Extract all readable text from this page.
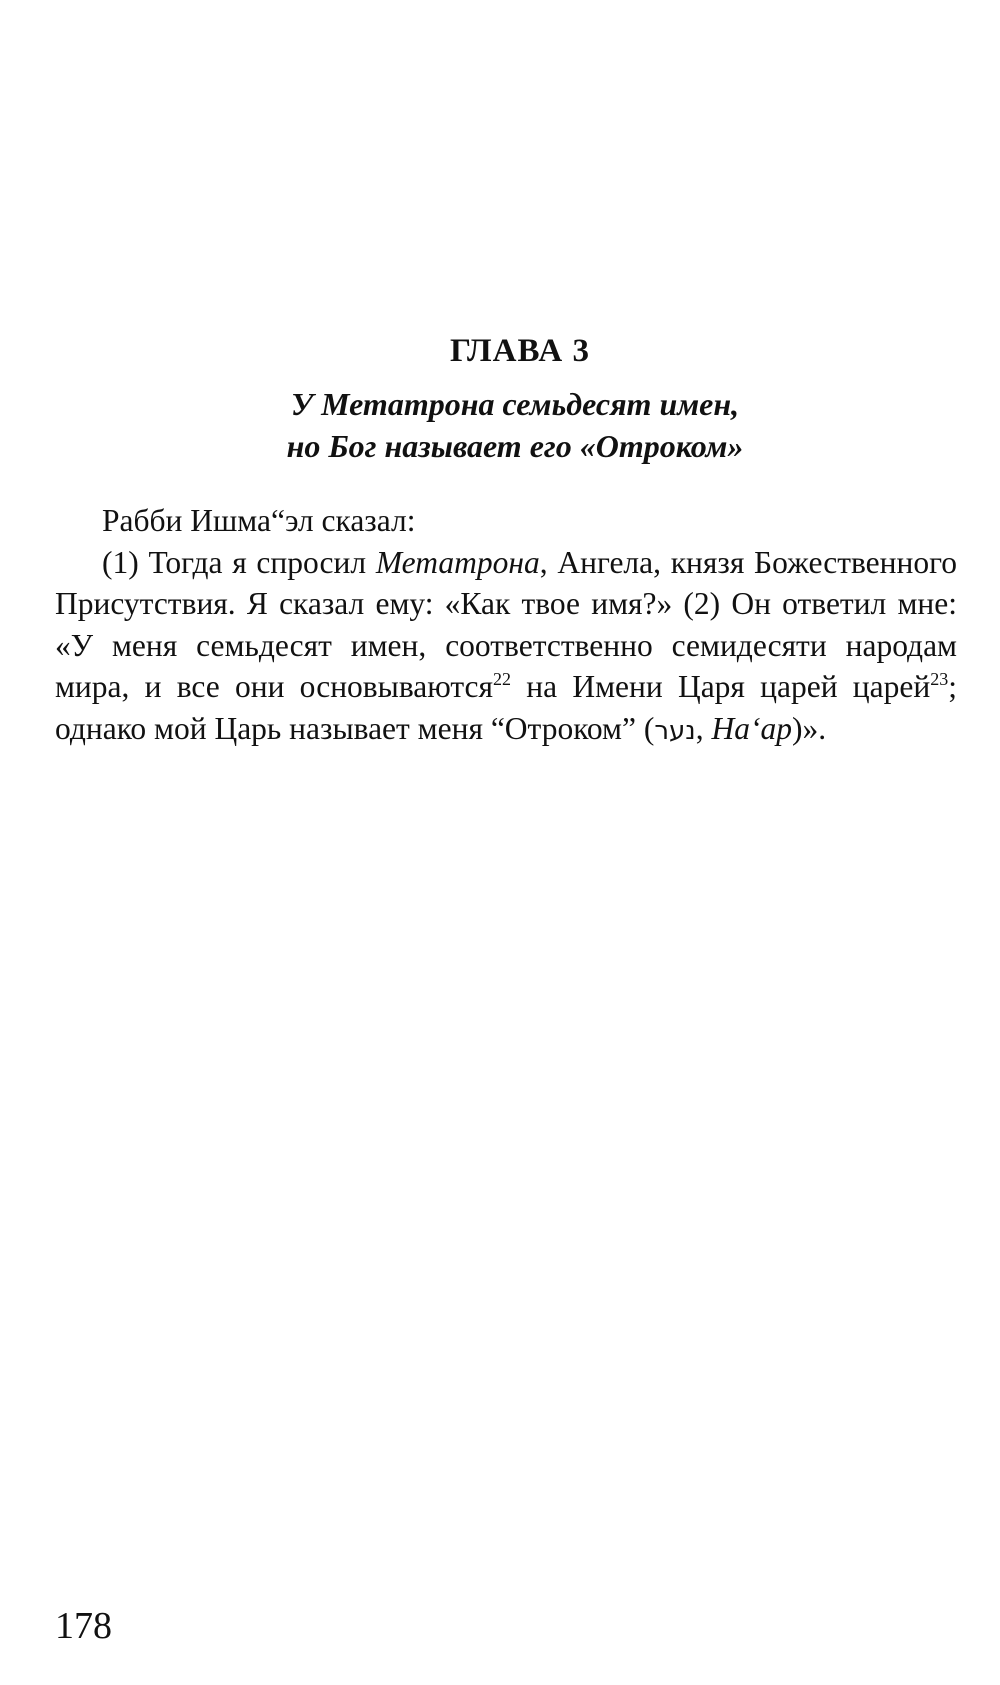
ГЛАВА 3
У Метатрона семьдесят имен,
но Бог называет его «Отроком»

Рабби Ишма“эл сказал:

(1) Тогда я спросил Метатрона, Ангела, князя Божественного Присутствия. Я сказал ему: «Как твое имя?» (2) Он ответил мне: «У меня семьдесят имен, соответственно семидесяти народам мира, и все они основываются$^{22}$ на Имени Царя царей царей$^{23}$; однако мой Царь называет меня “Отроком” (נער, На‘ар)».

178
